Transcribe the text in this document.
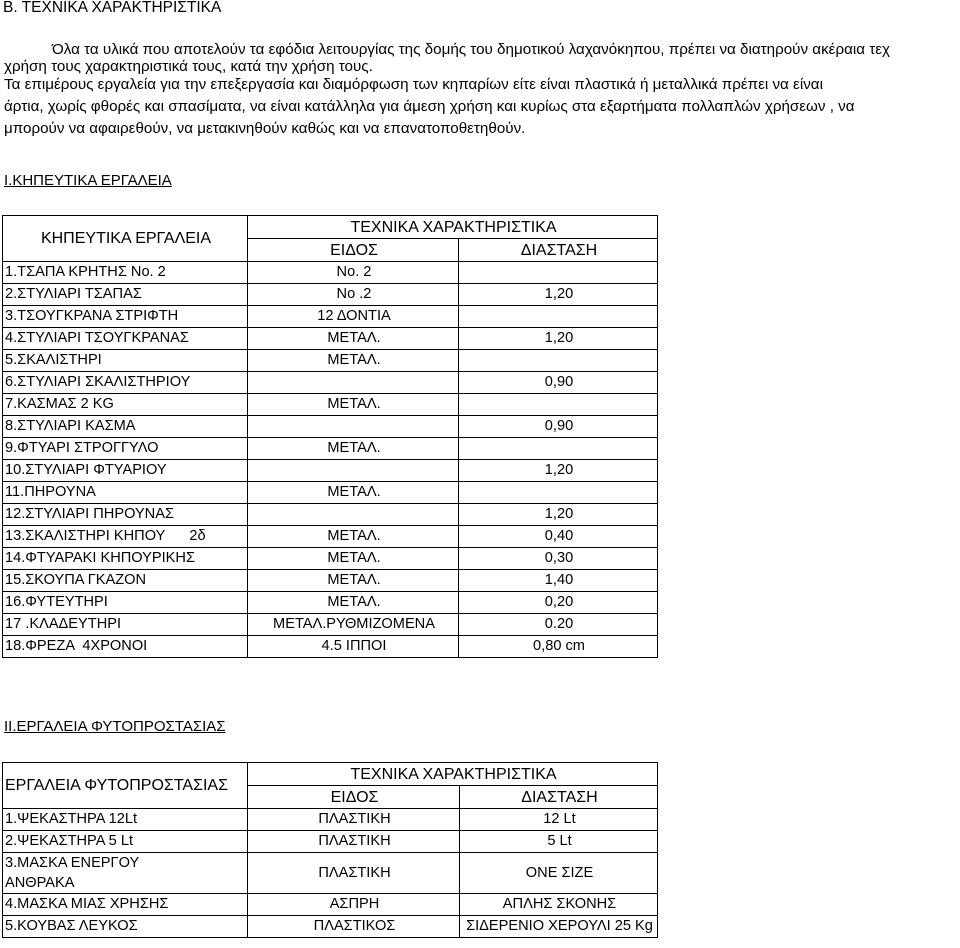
Β. ΤΕΧΝΙΚΑ ΧΑΡΑΚΤΗΡΙΣΤΙΚΑ
Όλα τα υλικά που αποτελούν τα εφόδια λειτουργίας της δομής του δημοτικού λαχανόκηπου, πρέπει να διατηρούν ακέραια τεχ
χρήση τους χαρακτηριστικά τους, κατά την χρήση τους.
Τα επιμέρους εργαλεία για την επεξεργασία και διαμόρφωση των κηπαρίων είτε είναι πλαστικά ή μεταλλικά πρέπει να είναι
άρτια, χωρίς φθορές και σπασίματα, να είναι κατάλληλα για άμεση χρήση και κυρίως στα εξαρτήματα πολλαπλών χρήσεων , να
μπορούν να αφαιρεθούν, να μετακινηθούν καθώς και να επανατοποθετηθούν.
Ι.ΚΗΠΕΥΤΙΚΑ ΕΡΓΑΛΕΙΑ
ΚΗΠΕΥΤΙΚΑ ΕΡΓΑΛΕΙΑ	ΤΕΧΝΙΚΑ ΧΑΡΑΚΤΗΡΙΣΤΙΚΑ	
	ΕΙΔΟΣ	ΔΙΑΣΤΑΣΗ
1.ΤΣΑΠΑ ΚΡΗΤΗΣ Νο. 2	Νο. 2	
2.ΣΤΥΛΙΑΡΙ ΤΣΑΠΑΣ	Νο .2	1,20
3.ΤΣΟΥΓΚΡΑΝΑ ΣΤΡΙΦΤΗ	12 ΔΟΝΤΙΑ	
4.ΣΤΥΛΙΑΡΙ ΤΣΟΥΓΚΡΑΝΑΣ	ΜΕΤΑΛ.	1,20
5.ΣΚΑΛΙΣΤΗΡΙ	ΜΕΤΑΛ.	
6.ΣΤΥΛΙΑΡΙ ΣΚΑΛΙΣΤΗΡΙΟΥ		0,90
7.ΚΑΣΜΑΣ 2 KG	ΜΕΤΑΛ.	
8.ΣΤΥΛΙΑΡΙ ΚΑΣΜΑ		0,90
9.ΦΤΥΑΡΙ ΣΤΡΟΓΓΥΛΟ	ΜΕΤΑΛ.	
10.ΣΤΥΛΙΑΡΙ ΦΤΥΑΡΙΟΥ		1,20
11.ΠΗΡΟΥΝΑ	ΜΕΤΑΛ.	
12.ΣΤΥΛΙΑΡΙ ΠΗΡΟΥΝΑΣ		1,20
13.ΣΚΑΛΙΣΤΗΡΙ ΚΗΠΟΥ      2δ	ΜΕΤΑΛ.	0,40
14.ΦΤΥΑΡΑΚΙ ΚΗΠΟΥΡΙΚΗΣ	ΜΕΤΑΛ.	0,30
15.ΣΚΟΥΠΑ ΓΚΑΖΟΝ	ΜΕΤΑΛ.	1,40
16.ΦΥΤΕΥΤΗΡΙ	ΜΕΤΑΛ.	0,20
17 .ΚΛΑΔΕΥΤΗΡΙ	ΜΕΤΑΛ.ΡΥΘΜΙΖΟΜΕΝΑ	0.20
18.ΦΡΕΖΑ  4ΧΡΟΝΟΙ	4.5 ΙΠΠΟΙ	0,80 cm
ΙΙ.ΕΡΓΑΛΕΙΑ ΦΥΤΟΠΡΟΣΤΑΣΙΑΣ
ΕΡΓΑΛΕΙΑ ΦΥΤΟΠΡΟΣΤΑΣΙΑΣ	ΤΕΧΝΙΚΑ ΧΑΡΑΚΤΗΡΙΣΤΙΚΑ	
	ΕΙΔΟΣ	ΔΙΑΣΤΑΣΗ
1.ΨΕΚΑΣΤΗΡΑ 12Lt	ΠΛΑΣΤΙΚΗ	12 Lt
2.ΨΕΚΑΣΤΗΡΑ 5 Lt	ΠΛΑΣΤΙΚΗ	5 Lt

3.ΜΑΣΚΑ ΕΝΕΡΓΟΥ
ΑΝΘΡΑΚΑ	ΠΛΑΣΤΙΚΗ	ΟΝΕ ΣΙΖΕ
4.ΜΑΣΚΑ ΜΙΑΣ ΧΡΗΣΗΣ	ΑΣΠΡΗ	ΑΠΛΗΣ ΣΚΟΝΗΣ
5.ΚΟΥΒΑΣ ΛΕΥΚΟΣ	ΠΛΑΣΤΙΚΟΣ	ΣΙΔΕΡΕΝΙΟ ΧΕΡΟΥΛΙ 25 Kg
